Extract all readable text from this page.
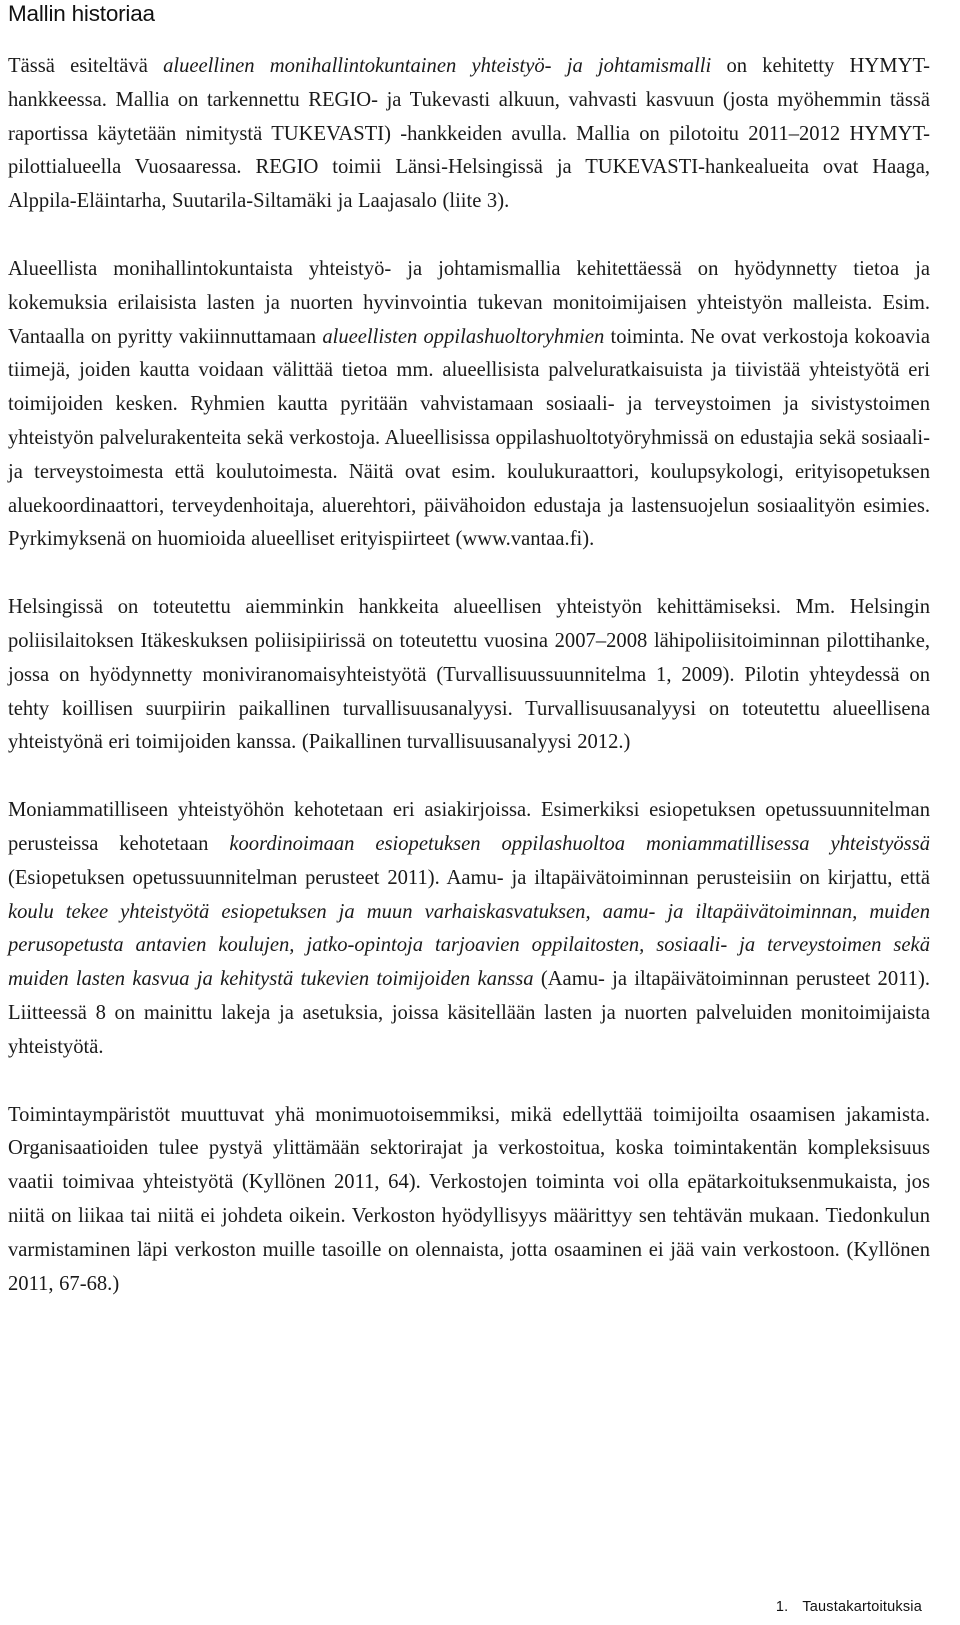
Mallin historiaa

Tässä esiteltävä alueellinen monihallintokuntainen yhteistyö- ja johtamismalli on kehitetty HYMYT-hankkeessa. Mallia on tarkennettu REGIO- ja Tukevasti alkuun, vahvasti kasvuun (josta myöhemmin tässä raportissa käytetään nimitystä TUKEVASTI) -hankkeiden avulla. Mallia on pilotoitu 2011–2012 HYMYT-pilottialueella Vuosaaressa. REGIO toimii Länsi-Helsingissä ja TUKEVASTI-hankealueita ovat Haaga, Alppila-Eläintarha, Suutarila-Siltamäki ja Laajasalo (liite 3).

Alueellista monihallintokuntaista yhteistyö- ja johtamismallia kehitettäessä on hyödynnetty tietoa ja kokemuksia erilaisista lasten ja nuorten hyvinvointia tukevan monitoimijaisen yhteistyön malleista. Esim. Vantaalla on pyritty vakiinnuttamaan alueellisten oppilashuoltoryhmien toiminta. Ne ovat verkostoja kokoavia tiimejä, joiden kautta voidaan välittää tietoa mm. alueellisista palveluratkaisuista ja tiivistää yhteistyötä eri toimijoiden kesken. Ryhmien kautta pyritään vahvistamaan sosiaali- ja terveystoimen ja sivistystoimen yhteistyön palvelurakenteita sekä verkostoja. Alueellisissa oppilashuoltotyöryhmissä on edustajia sekä sosiaali- ja terveystoimesta että koulutoimesta. Näitä ovat esim. koulukuraattori, koulupsykologi, erityisopetuksen aluekoordinaattori, terveydenhoitaja, aluerehtori, päivähoidon edustaja ja lastensuojelun sosiaalityön esimies. Pyrkimyksenä on huomioida alueelliset erityispiirteet (www.vantaa.fi).

Helsingissä on toteutettu aiemminkin hankkeita alueellisen yhteistyön kehittämiseksi. Mm. Helsingin poliisilaitoksen Itäkeskuksen poliisipiirissä on toteutettu vuosina 2007–2008 lähipoliisitoiminnan pilottihanke, jossa on hyödynnetty moniviranomaisyhteistyötä (Turvallisuussuunnitelma 1, 2009). Pilotin yhteydessä on tehty koillisen suurpiirin paikallinen turvallisuusanalyysi. Turvallisuusanalyysi on toteutettu alueellisena yhteistyönä eri toimijoiden kanssa. (Paikallinen turvallisuusanalyysi 2012.)

Moniammatilliseen yhteistyöhön kehotetaan eri asiakirjoissa. Esimerkiksi esiopetuksen opetussuunnitelman perusteissa kehotetaan koordinoimaan esiopetuksen oppilashuoltoa moniammatillisessa yhteistyössä (Esiopetuksen opetussuunnitelman perusteet 2011). Aamu- ja iltapäivätoiminnan perusteisiin on kirjattu, että koulu tekee yhteistyötä esiopetuksen ja muun varhaiskasvatuksen, aamu- ja iltapäivätoiminnan, muiden perusopetusta antavien koulujen, jatko-opintoja tarjoavien oppilaitosten, sosiaali- ja terveystoimen sekä muiden lasten kasvua ja kehitystä tukevien toimijoiden kanssa (Aamu- ja iltapäivätoiminnan perusteet 2011). Liitteessä 8 on mainittu lakeja ja asetuksia, joissa käsitellään lasten ja nuorten palveluiden monitoimijaista yhteistyötä.

Toimintaympäristöt muuttuvat yhä monimuotoisemmiksi, mikä edellyttää toimijoilta osaamisen jakamista. Organisaatioiden tulee pystyä ylittämään sektorirajat ja verkostoitua, koska toimintakentän kompleksisuus vaatii toimivaa yhteistyötä (Kyllönen 2011, 64). Verkostojen toiminta voi olla epätarkoituksenmukaista, jos niitä on liikaa tai niitä ei johdeta oikein. Verkoston hyödyllisyys määrittyy sen tehtävän mukaan. Tiedonkulun varmistaminen läpi verkoston muille tasoille on olennaista, jotta osaaminen ei jää vain verkostoon. (Kyllönen 2011, 67-68.)

1. Taustakartoituksia
